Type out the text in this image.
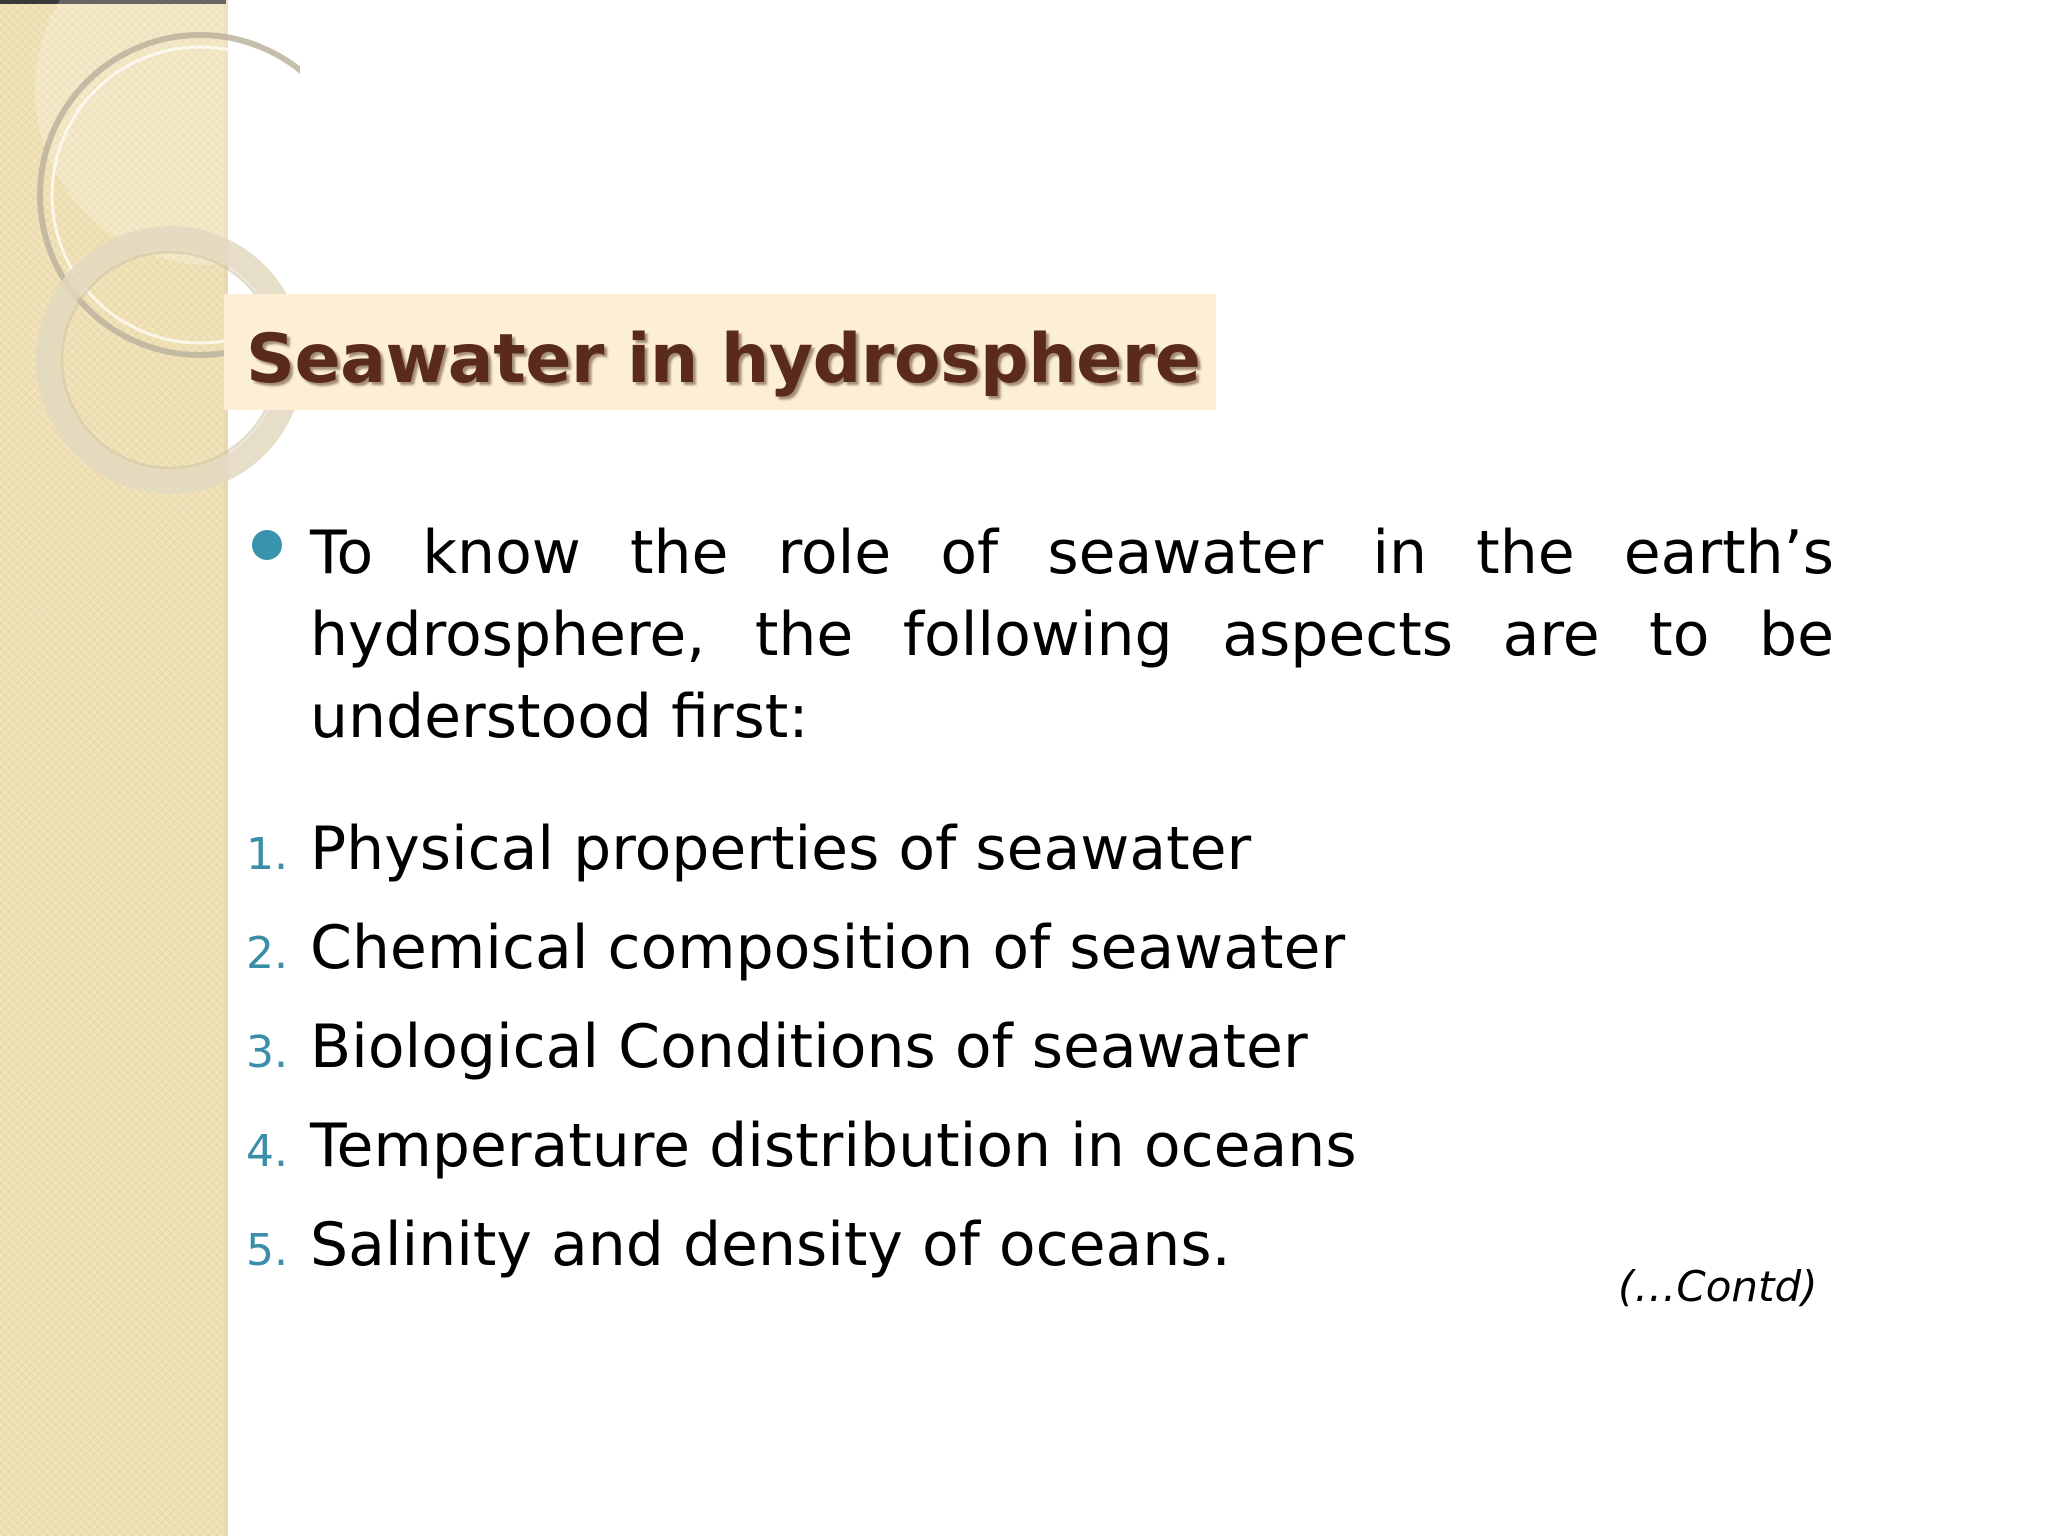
Seawater in hydrosphere

To know the role of seawater in the earth’s hydrosphere, the following aspects are to be understood first:

1. Physical properties of seawater
2. Chemical composition of seawater
3. Biological Conditions of seawater
4. Temperature distribution in oceans
5. Salinity and density of oceans.

(…Contd)
